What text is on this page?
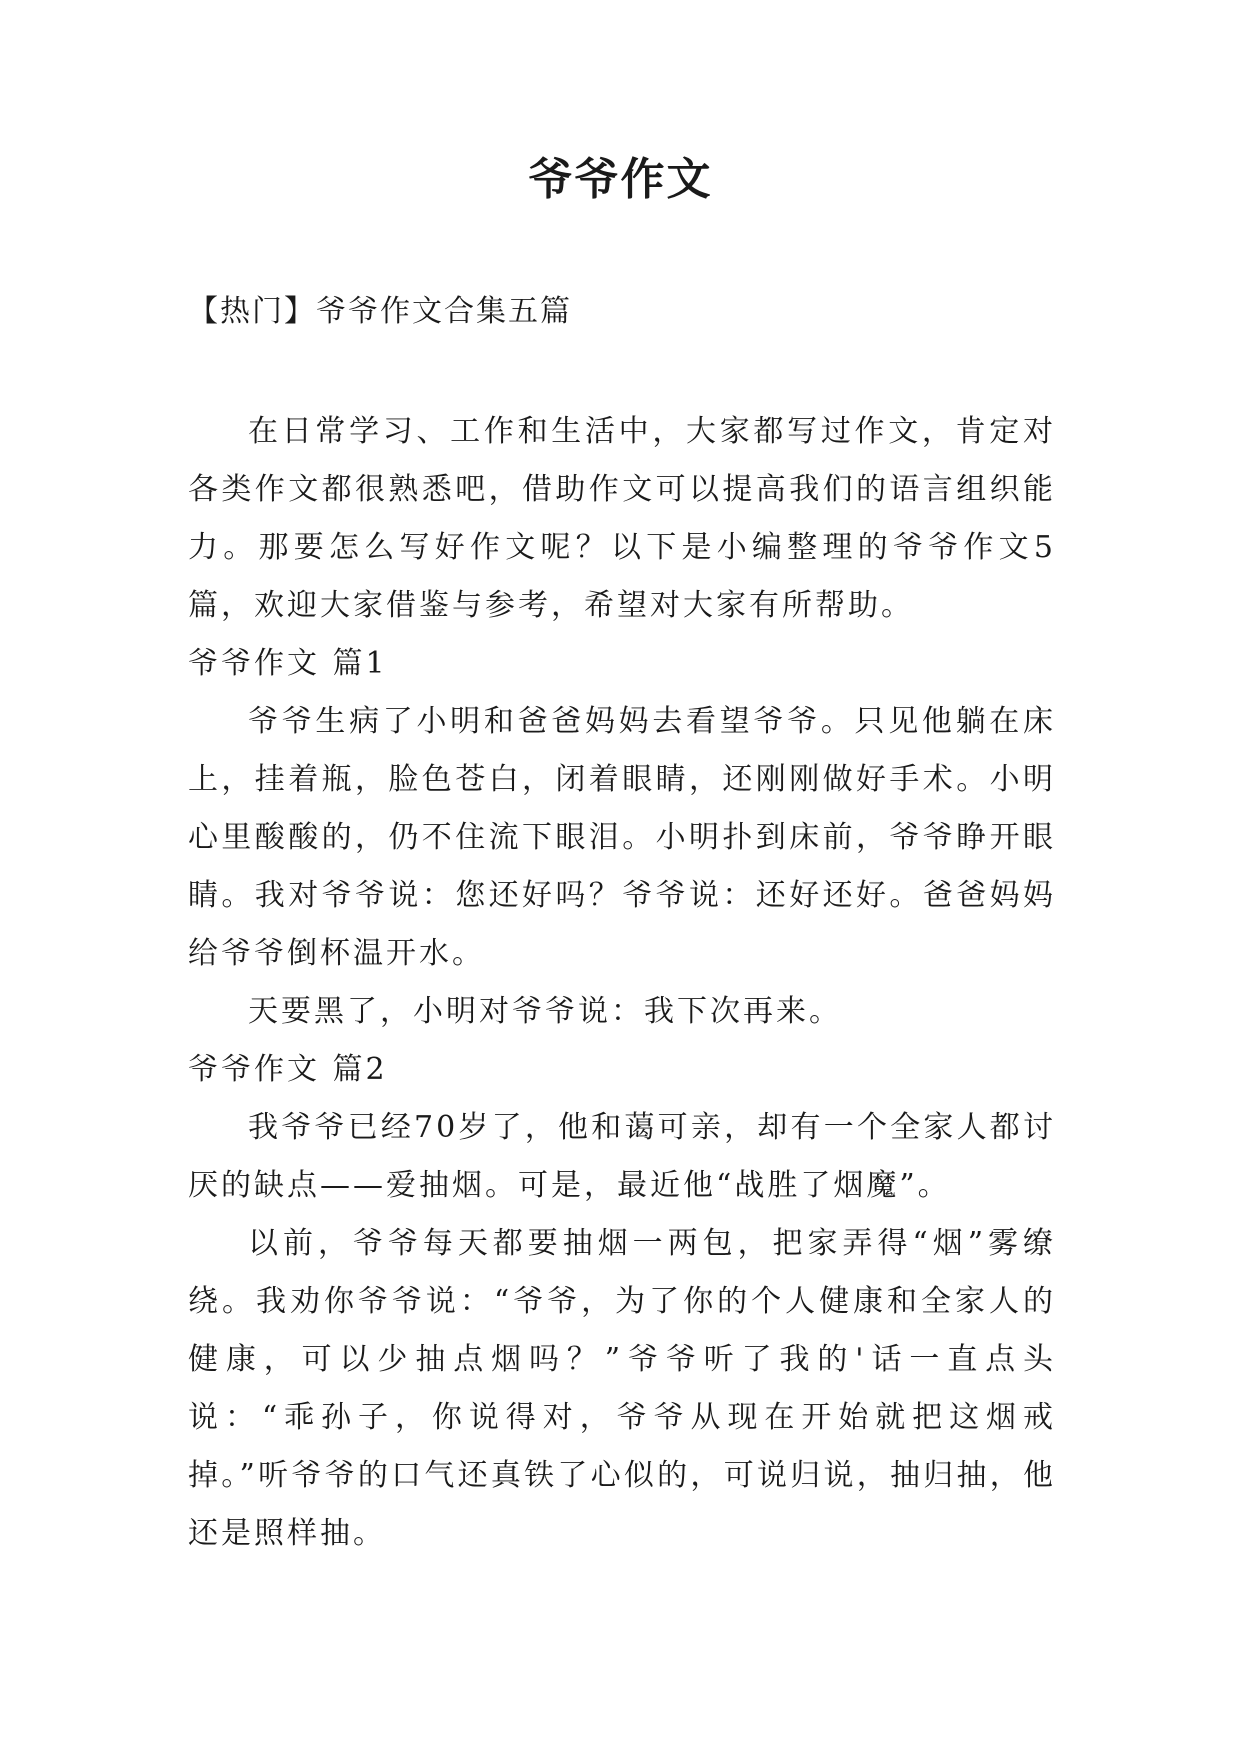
爷爷作文
【热门】爷爷作文合集五篇

在日常学习、工作和生活中，大家都写过作文，肯定对各类作文都很熟悉吧，借助作文可以提高我们的语言组织能力。那要怎么写好作文呢？以下是小编整理的爷爷作文5篇，欢迎大家借鉴与参考，希望对大家有所帮助。

爷爷作文 篇1

爷爷生病了小明和爸爸妈妈去看望爷爷。只见他躺在床上，挂着瓶，脸色苍白，闭着眼睛，还刚刚做好手术。小明心里酸酸的，仍不住流下眼泪。小明扑到床前，爷爷睁开眼睛。我对爷爷说：您还好吗？爷爷说：还好还好。爸爸妈妈给爷爷倒杯温开水。

天要黑了，小明对爷爷说：我下次再来。

爷爷作文 篇2

我爷爷已经70岁了，他和蔼可亲，却有一个全家人都讨厌的缺点——爱抽烟。可是，最近他“战胜了烟魔”。

以前，爷爷每天都要抽烟一两包，把家弄得“烟”雾缭绕。我劝你爷爷说：“爷爷，为了你的个人健康和全家人的健康，可以少抽点烟吗？”爷爷听了我的'话一直点头说：“乖孙子，你说得对，爷爷从现在开始就把这烟戒掉。”听爷爷的口气还真铁了心似的，可说归说，抽归抽，他还是照样抽。
